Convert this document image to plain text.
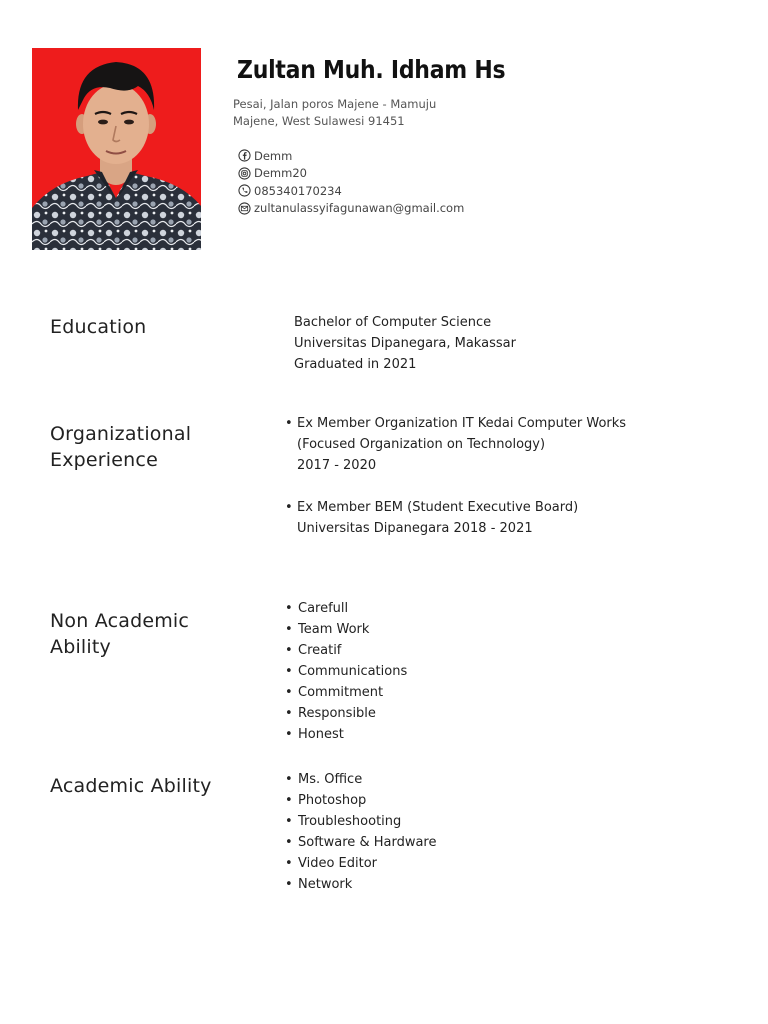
Zultan Muh. Idham Hs
Pesai, Jalan poros Majene - Mamuju
Majene, West Sulawesi 91451
Demm
Demm20
085340170234
zultanulassyifagunawan@gmail.com
Education	Bachelor of Computer Science
Universitas Dipanegara, Makassar
Graduated in 2021
Organizational
Experience
• Ex Member Organization IT Kedai Computer Works
(Focused Organization on Technology)
2017 - 2020
• Ex Member BEM (Student Executive Board)
Universitas Dipanegara 2018 - 2021
Non Academic
Ability
• Carefull
• Team Work
• Creatif
• Communications
• Commitment
• Responsible
• Honest
Academic Ability
•	Ms. Office
• Photoshop
• Troubleshooting
• Software & Hardware
• Video Editor
• Network
